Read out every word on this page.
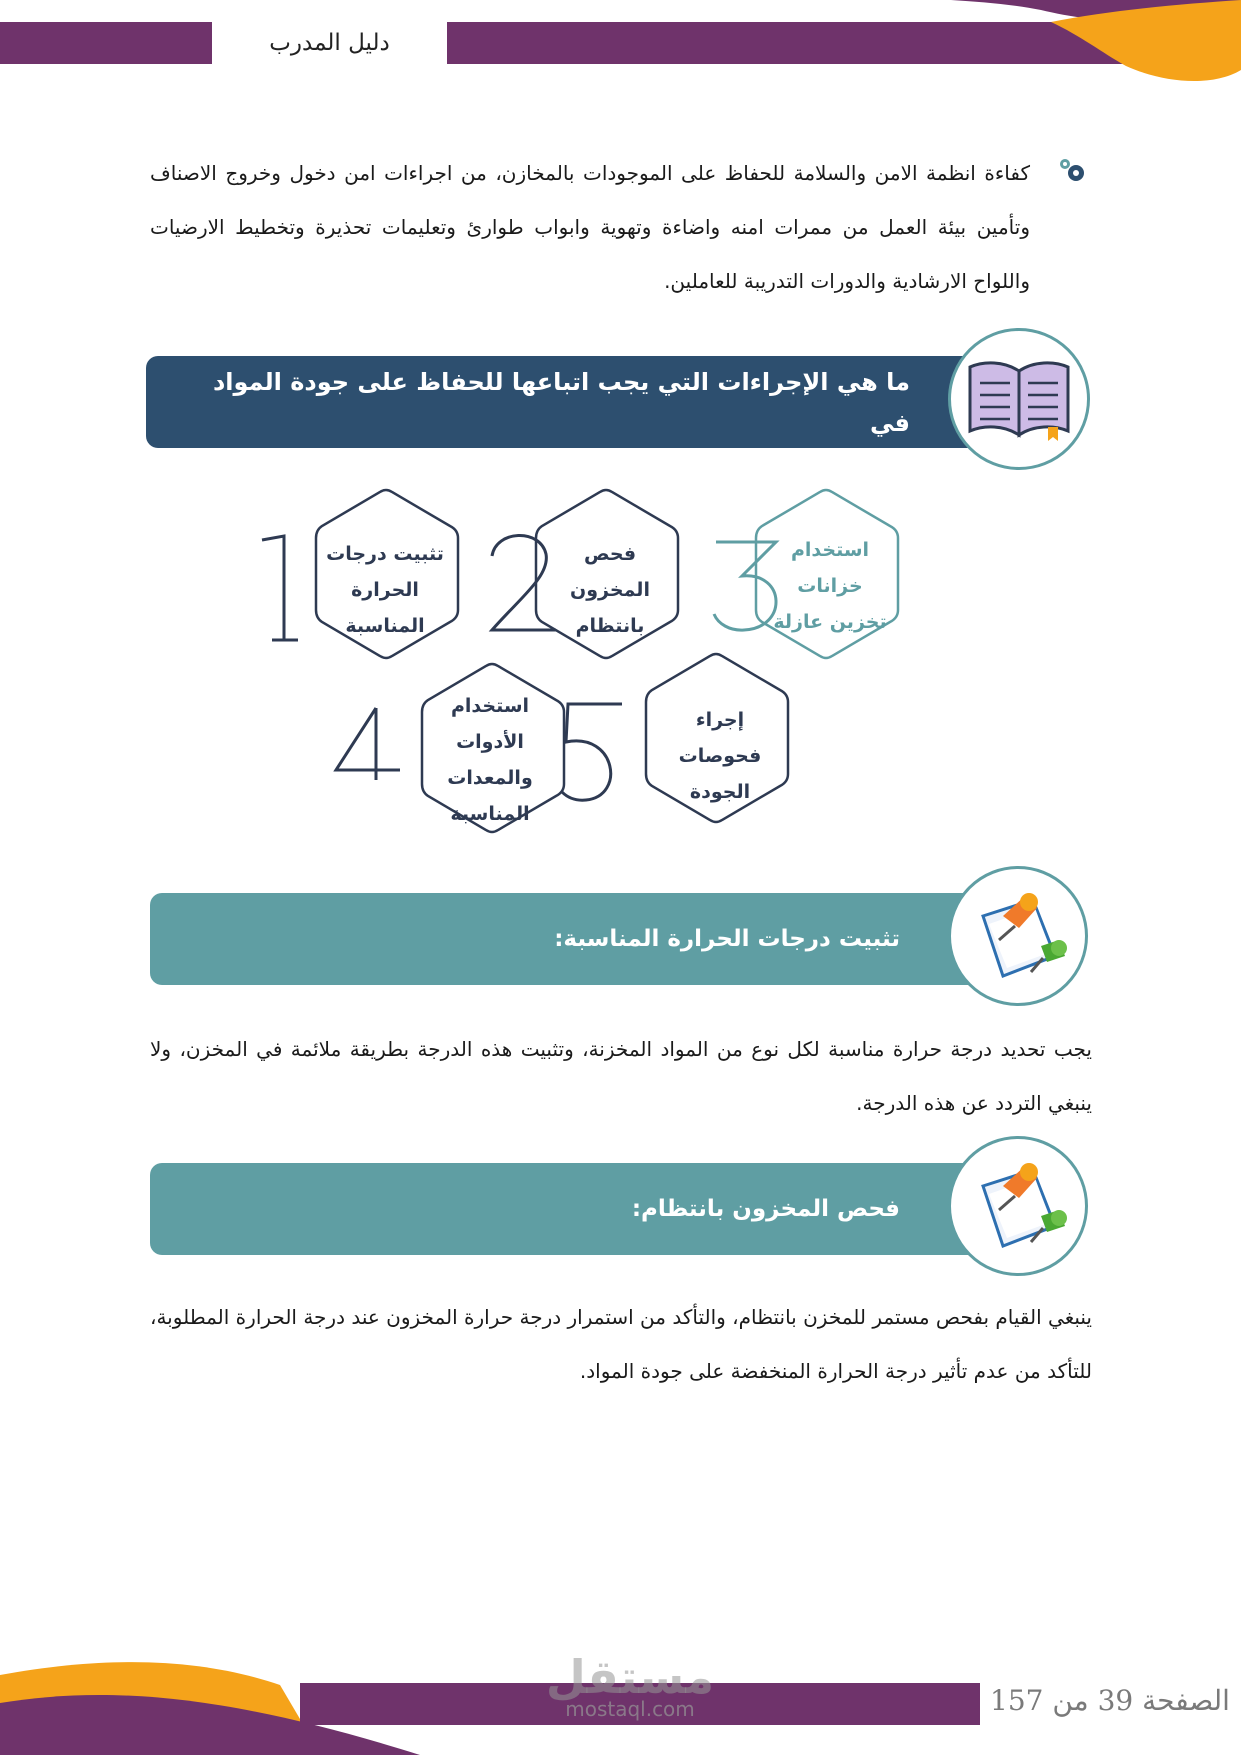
دليل المدرب
كفاءة انظمة الامن والسلامة للحفاظ على الموجودات بالمخازن، من اجراءات امن دخول وخروج الاصناف وتأمين بيئة العمل من ممرات امنه واضاءة وتهوية وابواب طوارئ وتعليمات تحذيرة وتخطيط الارضيات واللواح الارشادية والدورات التدريبة للعاملين.
ما هي الإجراءات التي يجب اتباعها للحفاظ على جودة المواد في
درجات الحرارة المنخفضة في المخازن
تثبيت درجات
الحرارة
المناسبة
فحص
المخزون
بانتظام
استخدام
خزانات
تخزين عازلة
استخدام
الأدوات
والمعدات
المناسبة
إجراء
فحوصات
الجودة
تثبيت درجات الحرارة المناسبة:
يجب تحديد درجة حرارة مناسبة لكل نوع من المواد المخزنة، وتثبيت هذه الدرجة بطريقة ملائمة في المخزن، ولا ينبغي التردد عن هذه الدرجة.
فحص المخزون بانتظام:
ينبغي القيام بفحص مستمر للمخزن بانتظام، والتأكد من استمرار درجة حرارة المخزون عند درجة الحرارة المطلوبة، للتأكد من عدم تأثير درجة الحرارة المنخفضة على جودة المواد.
مستقل
mostaql.com	الصفحة 39 من 157
